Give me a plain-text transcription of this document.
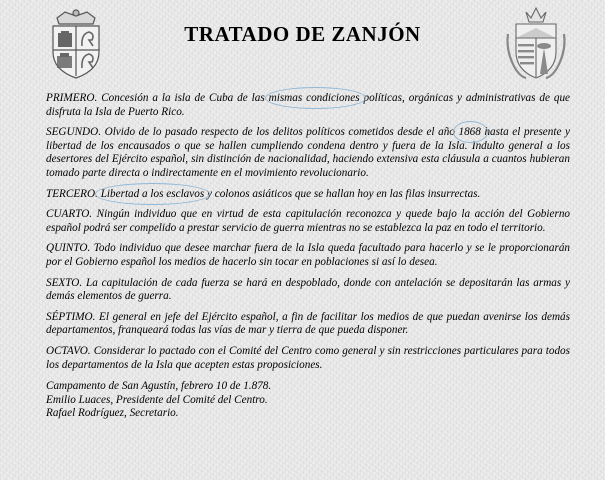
TRATADO DE ZANJÓN

PRIMERO. Concesión a la isla de Cuba de las mismas condiciones políticas, orgánicas y administrativas de que disfruta la Isla de Puerto Rico.

SEGUNDO. Olvido de lo pasado respecto de los delitos políticos cometidos desde el año 1868 hasta el presente y libertad de los encausados o que se hallen cumpliendo condena dentro y fuera de la Isla. Indulto general a los desertores del Ejército español, sin distinción de nacionalidad, haciendo extensiva esta cláusula a cuantos hubieran tomado parte directa o indirectamente en el movimiento revolucionario.

TERCERO. Libertad a los esclavos y colonos asiáticos que se hallan hoy en las filas insurrectas.

CUARTO. Ningún individuo que en virtud de esta capitulación reconozca y quede bajo la acción del Gobierno español podrá ser compelido a prestar servicio de guerra mientras no se establezca la paz en todo el territorio.

QUINTO. Todo individuo que desee marchar fuera de la Isla queda facultado para hacerlo y se le proporcionarán por el Gobierno español los medios de hacerlo sin tocar en poblaciones si así lo desea.

SEXTO. La capitulación de cada fuerza se hará en despoblado, donde con antelación se depositarán las armas y demás elementos de guerra.

SÉPTIMO. El general en jefe del Ejército español, a fin de facilitar los medios de que puedan avenirse los demás departamentos, franqueará todas las vías de mar y tierra de que pueda disponer.

OCTAVO. Considerar lo pactado con el Comité del Centro como general y sin restricciones particulares para todos los departamentos de la Isla que acepten estas proposiciones.

Campamento de San Agustín, febrero 10 de 1.878.
Emilio Luaces, Presidente del Comité del Centro.
Rafael Rodríguez, Secretario.
